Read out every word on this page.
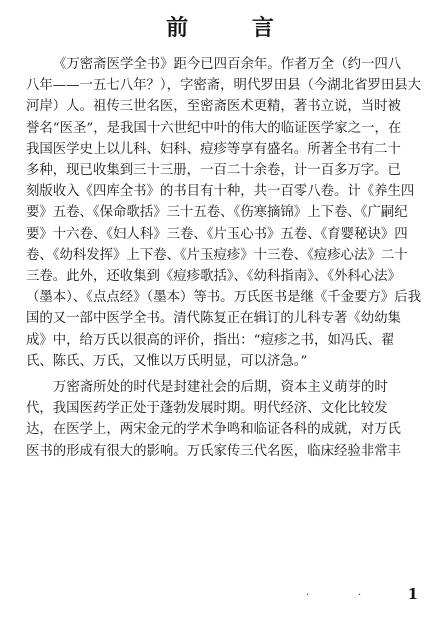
前 言

《万密斋医学全书》距今已四百余年。作者万全（约一四八
八年——一五七八年？），字密斋，明代罗田县（今湖北省罗田县大
河岸）人。祖传三世名医，至密斋医术更精，著书立说，当时被
誉名“医圣”，是我国十六世纪中叶的伟大的临证医学家之一，在
我国医学史上以儿科、妇科、痘疹等享有盛名。所著全书有二十
多种，现已收集到三十三册，一百二十余卷，计一百多万字。已
刻版收入《四库全书》的书目有十种，共一百零八卷。计《养生四
要》五卷、《保命歌括》三十五卷、《伤寒摘锦》上下卷、《广嗣纪
要》十六卷、《妇人科》三卷、《片玉心书》五卷、《育婴秘诀》四
卷、《幼科发挥》上下卷、《片玉痘疹》十三卷、《痘疹心法》二十
三卷。此外，还收集到《痘疹歌括》、《幼科指南》、《外科心法》
（墨本）、《点点经》（墨本）等书。万氏医书是继《千金要方》后我
国的又一部中医学全书。清代陈复正在辑订的儿科专著《幼幼集
成》中，给万氏以很高的评价，指出：“痘疹之书，如冯氏、翟
氏、陈氏、万氏，又惟以万氏明显，可以济急。”

万密斋所处的时代是封建社会的后期，资本主义萌芽的时
代，我国医药学正处于蓬勃发展时期。明代经济、文化比较发
达，在医学上，两宋金元的学术争鸣和临证各科的成就，对万氏
医书的形成有很大的影响。万氏家传三代名医，临床经验非常丰

·	·	1
